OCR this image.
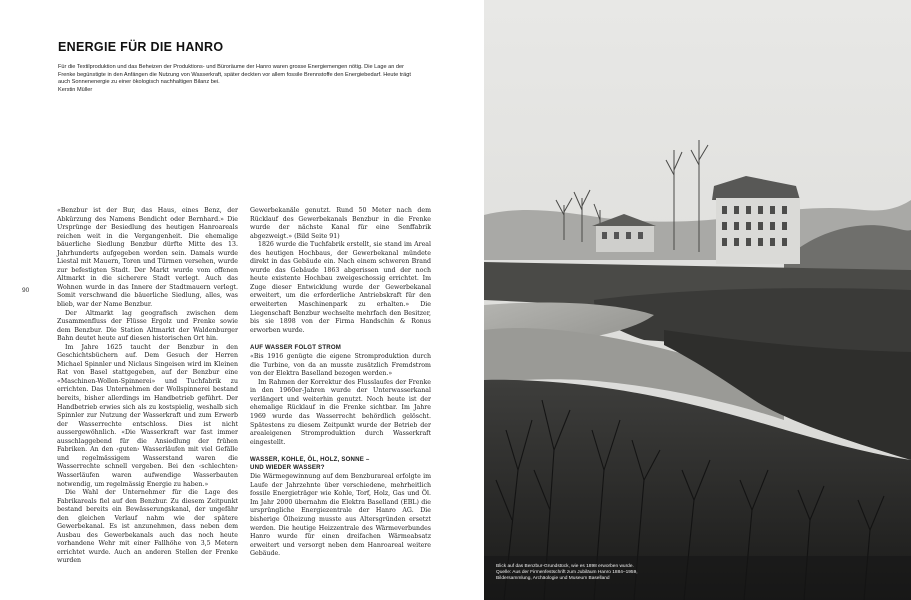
ENERGIE FÜR DIE HANRO

Für die Textilproduktion und das Beheizen der Produktions- und Büroräume der Hanro waren grosse Energiemengen nötig. Die Lage an der Frenke begünstigte in den Anfängen die Nutzung von Wasserkraft, später deckten vor allem fossile Brennstoffe den Energiebedarf. Heute trägt auch Sonnenenergie zu einer ökologisch nachhaltigen Bilanz bei.

Kerstin Müller

90

«Benzbur ist der Bur, das Haus, eines Benz, der Abkürzung des Namens Bendicht oder Bernhard.» Die Ursprünge der Besiedlung des heutigen Hanroareals reichen weit in die Vergangenheit. Die ehemalige bäuerliche Siedlung Benzbur dürfte Mitte des 13. Jahrhunderts aufgegeben worden sein. Damals wurde Liestal mit Mauern, Toren und Türmen versehen, wurde zur befestigten Stadt. Der Markt wurde vom offenen Altmarkt in die sicherere Stadt verlegt. Auch das Wohnen wurde in das Innere der Stadtmauern verlegt. Somit verschwand die bäuerliche Siedlung, alles, was blieb, war der Name Benzbur.

Der Altmarkt lag geografisch zwischen dem Zusammenfluss der Flüsse Ergolz und Frenke sowie dem Benzbur. Die Station Altmarkt der Waldenburger Bahn deutet heute auf diesen historischen Ort hin.

Im Jahre 1625 taucht der Benzbur in den Geschichtsbüchern auf. Dem Gesuch der Herren Michael Spinnler und Niclaus Singeisen wird im Kleinen Rat von Basel stattgegeben, auf der Benzbur eine «Maschinen-Wollen-Spinnerei» und Tuchfabrik zu errichten. Das Unternehmen der Wollspinnerei bestand bereits, bisher allerdings im Handbetrieb geführt. Der Handbetrieb erwies sich als zu kostspielig, weshalb sich Spinnler zur Nutzung der Wasserkraft und zum Erwerb der Wasserrechte entschloss. Dies ist nicht aussergewöhnlich. «Die Wasserkraft war fast immer ausschlaggebend für die Ansiedlung der frühen Fabriken. An den ‹guten› Wasserläufen mit viel Gefälle und regelmässigem Wasserstand waren die Wasserrechte schnell vergeben. Bei den ‹schlechten› Wasserläufen waren aufwendige Wasserbauten notwendig, um regelmässig Energie zu haben.»

Die Wahl der Unternehmer für die Lage des Fabrikareals fiel auf den Benzbur. Zu diesem Zeitpunkt bestand bereits ein Bewässerungskanal, der ungefähr den gleichen Verlauf nahm wie der spätere Gewerbekanal. Es ist anzunehmen, dass neben dem Ausbau des Gewerbekanals auch das noch heute vorhandene Wehr mit einer Fallhöhe von 3,5 Metern errichtet wurde. Auch an anderen Stellen der Frenke wurden

Gewerbekanäle genutzt. Rund 50 Meter nach dem Rücklauf des Gewerbekanals Benzbur in die Frenke wurde der nächste Kanal für eine Senffabrik abgezweigt.» (Bild Seite 91)

1826 wurde die Tuchfabrik erstellt, sie stand im Areal des heutigen Hochbaus, der Gewerbekanal mündete direkt in das Gebäude ein. Nach einem schweren Brand wurde das Gebäude 1863 abgerissen und der noch heute existente Hochbau zweigeschossig errichtet. Im Zuge dieser Entwicklung wurde der Gewerbekanal erweitert, um die erforderliche Antriebskraft für den erweiterten Maschinenpark zu erhalten.» Die Liegenschaft Benzbur wechselte mehrfach den Besitzer, bis sie 1898 von der Firma Handschin & Ronus erworben wurde.

AUF WASSER FOLGT STROM

«Bis 1916 genügte die eigene Stromproduktion durch die Turbine, von da an musste zusätzlich Fremdstrom von der Elektra Baselland bezogen werden.»

Im Rahmen der Korrektur des Flusslaufes der Frenke in den 1960er-Jahren wurde der Unterwasserkanal verlängert und weiterhin genutzt. Noch heute ist der ehemalige Rücklauf in die Frenke sichtbar. Im Jahre 1969 wurde das Wasserrecht behördlich gelöscht. Spätestens zu diesem Zeitpunkt wurde der Betrieb der arealeigenen Stromproduktion durch Wasserkraft eingestellt.

WASSER, KOHLE, ÖL, HOLZ, SONNE –
UND WIEDER WASSER?

Die Wärmegewinnung auf dem Benzburareal erfolgte im Laufe der Jahrzehnte über verschiedene, mehrheitlich fossile Energieträger wie Kohle, Torf, Holz, Gas und Öl. Im Jahr 2000 übernahm die Elektra Baselland (EBL) die ursprüngliche Energiezentrale der Hanro AG. Die bisherige Ölheizung musste aus Altersgründen ersetzt werden. Die heutige Heizzentrale des Wärmeverbundes Hanro wurde für einen dreifachen Wärmeabsatz erweitert und versorgt neben dem Hanroareal weitere Gebäude.

Blick auf das Benzbur-Grundstück, wie es 1898 erworben wurde.

Quelle: Aus der Firmenfestschrift zum Jubiläum Hanro 1884–1959,

Bildersammlung, Archäologie und Museum Baselland
